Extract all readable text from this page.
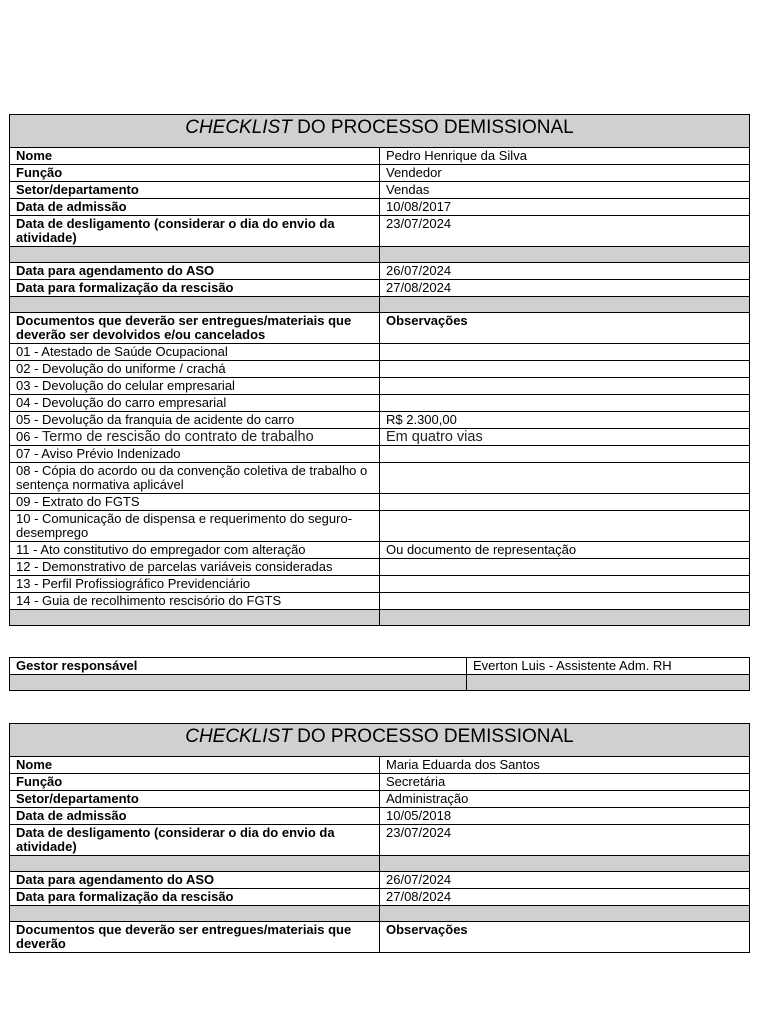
CHECKLIST DO PROCESSO DEMISSIONAL	
Nome	Pedro Henrique da Silva
Função	Vendedor
Setor/departamento	Vendas
Data de admissão	10/08/2017
Data de desligamento (considerar o dia do envio da atividade)	23/07/2024

Data para agendamento do ASO	26/07/2024
Data para formalização da rescisão	27/08/2024

Documentos que deverão ser entregues/materiais que deverão ser devolvidos e/ou cancelados	Observações
01 - Atestado de Saúde Ocupacional	
02 - Devolução do uniforme / crachá	
03 - Devolução do celular empresarial	
04 - Devolução do carro empresarial	
05 - Devolução da franquia de acidente do carro	R$ 2.300,00
06 - Termo de rescisão do contrato de trabalho	Em quatro vias
07 - Aviso Prévio Indenizado	
08 - Cópia do acordo ou da convenção coletiva de trabalho o sentença normativa aplicável	
09 - Extrato do FGTS	
10 - Comunicação de dispensa e requerimento do seguro-desemprego	
11 - Ato constitutivo do empregador com alteração	Ou documento de representação
12 - Demonstrativo de parcelas variáveis consideradas	
13 - Perfil Profissiográfico Previdenciário	
14 - Guia de recolhimento rescisório do FGTS	

Gestor responsável	Everton Luis - Assistente Adm. RH

CHECKLIST DO PROCESSO DEMISSIONAL	
Nome	Maria Eduarda dos Santos
Função	Secretária
Setor/departamento	Administração
Data de admissão	10/05/2018
Data de desligamento (considerar o dia do envio da atividade)	23/07/2024

Data para agendamento do ASO	26/07/2024
Data para formalização da rescisão	27/08/2024

Documentos que deverão ser entregues/materiais que deverão	Observações
